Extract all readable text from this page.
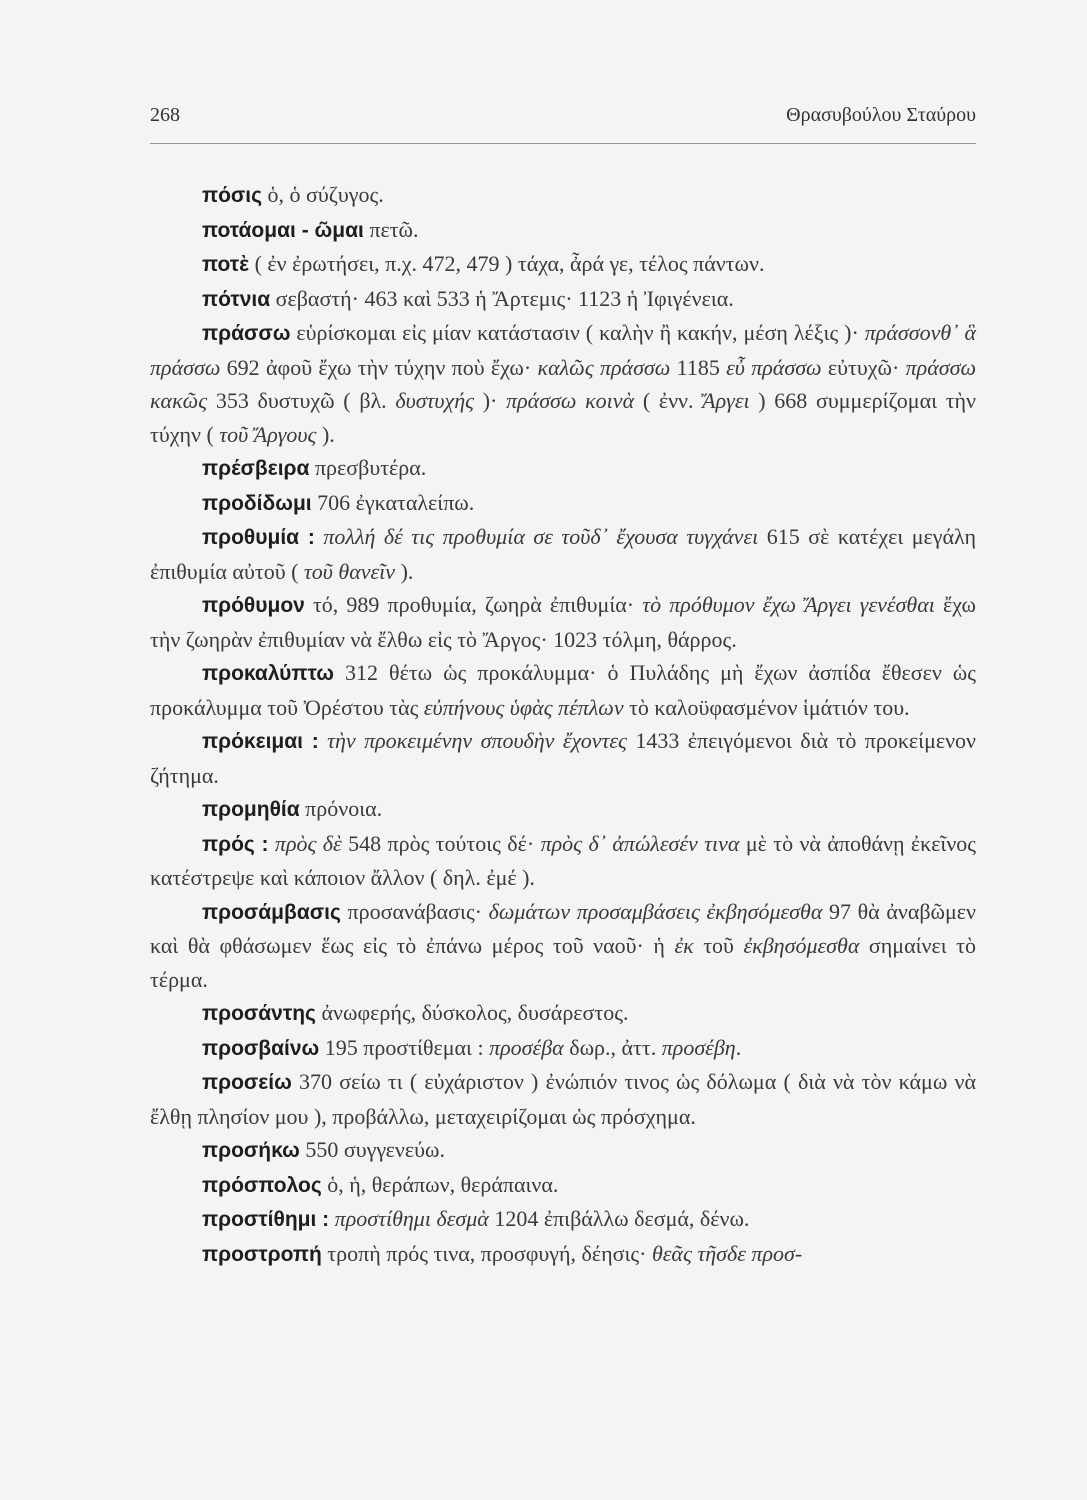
268	Θρασυβούλου Σταύρου

πόσις ὁ, ὁ σύζυγος.

ποτάομαι - ῶμαι πετῶ.

ποτὲ ( ἐν ἐρωτήσει, π.χ. 472, 479 ) τάχα, ἆρά γε, τέλος πάντων.

πότνια σεβαστή· 463 καὶ 533 ἡ Ἄρτεμις· 1123 ἡ Ἰφιγένεια.

πράσσω εὑρίσκομαι εἰς μίαν κατάστασιν ( καλὴν ἢ κακήν, μέση λέξις )· πράσσονθ᾽ ἃ πράσσω 692 ἀφοῦ ἔχω τὴν τύχην ποὺ ἔχω· καλῶς πράσσω 1185 εὖ πράσσω εὐτυχῶ· πράσσω κακῶς 353 δυστυχῶ ( βλ. δυστυχής )· πράσσω κοινὰ ( ἐνν. Ἄργει ) 668 συμμερίζομαι τὴν τύχην ( τοῦ Ἄργους ).

πρέσβειρα πρεσβυτέρα.

προδίδωμι 706 ἐγκαταλείπω.

προθυμία : πολλή δέ τις προθυμία σε τοῦδ᾽ ἔχουσα τυγχάνει 615 σὲ κατέχει μεγάλη ἐπιθυμία αὐτοῦ ( τοῦ θανεῖν ).

πρόθυμον τό, 989 προθυμία, ζωηρὰ ἐπιθυμία· τὸ πρόθυμον ἔχω Ἄργει γενέσθαι ἔχω τὴν ζωηρὰν ἐπιθυμίαν νὰ ἔλθω εἰς τὸ Ἄργος· 1023 τόλμη, θάρρος.

προκαλύπτω 312 θέτω ὡς προκάλυμμα· ὁ Πυλάδης μὴ ἔχων ἀσπίδα ἔθεσεν ὡς προκάλυμμα τοῦ Ὀρέστου τὰς εὐπήνους ὑφὰς πέπλων τὸ καλοϋφασμένον ἱμάτιόν του.

πρόκειμαι : τὴν προκειμένην σπουδὴν ἔχοντες 1433 ἐπειγόμενοι διὰ τὸ προκείμενον ζήτημα.

προμηθία πρόνοια.

πρός : πρὸς δὲ 548 πρὸς τούτοις δέ· πρὸς δ᾽ ἀπώλεσέν τινα μὲ τὸ νὰ ἀποθάνῃ ἐκεῖνος κατέστρεψε καὶ κάποιον ἄλλον ( δηλ. ἐμέ ).

προσάμβασις προσανάβασις· δωμάτων προσαμβάσεις ἐκβησόμεσθα 97 θὰ ἀναβῶμεν καὶ θὰ φθάσωμεν ἕως εἰς τὸ ἐπάνω μέρος τοῦ ναοῦ· ἡ ἐκ τοῦ ἐκβησόμεσθα σημαίνει τὸ τέρμα.

προσάντης ἀνωφερής, δύσκολος, δυσάρεστος.

προσβαίνω 195 προστίθεμαι : προσέβα δωρ., ἀττ. προσέβη.

προσείω 370 σείω τι ( εὐχάριστον ) ἐνώπιόν τινος ὡς δόλωμα ( διὰ νὰ τὸν κάμω νὰ ἔλθῃ πλησίον μου ), προβάλλω, μεταχειρίζομαι ὡς πρόσχημα.

προσήκω 550 συγγενεύω.

πρόσπολος ὁ, ἡ, θεράπων, θεράπαινα.

προστίθημι : προστίθημι δεσμὰ 1204 ἐπιβάλλω δεσμά, δένω.

προστροπή τροπὴ πρός τινα, προσφυγή, δέησις· θεᾶς τῆσδε προσ-
